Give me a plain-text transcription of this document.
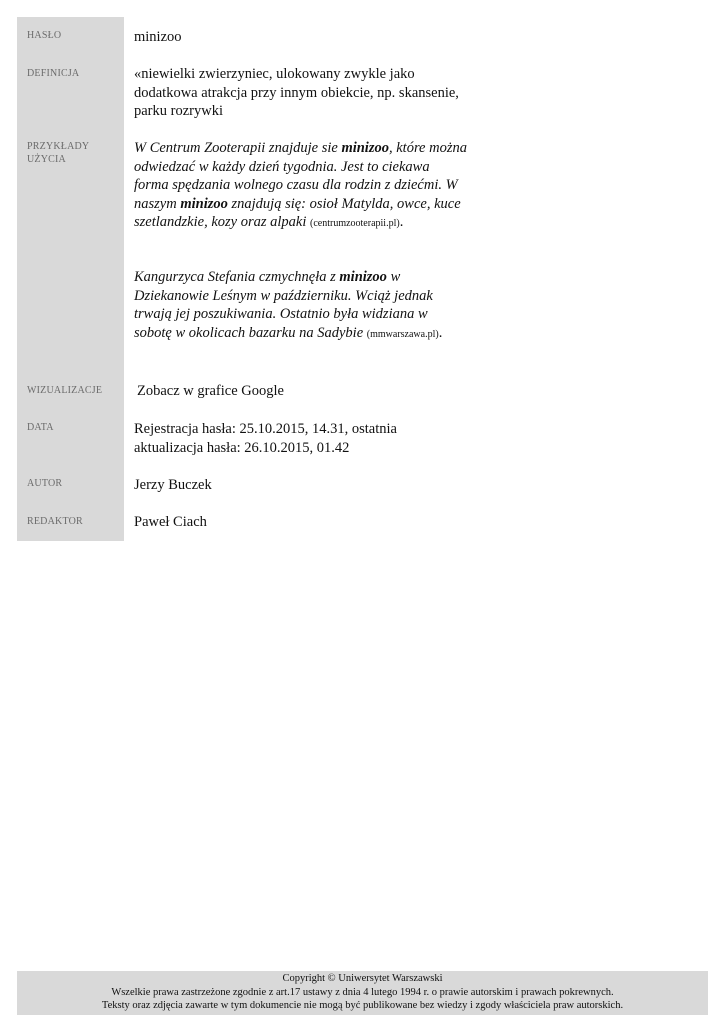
HASŁO	minizoo
DEFINICJA	«niewielki zwierzyniec, ulokowany zwykle jako
dodatkowa atrakcja przy innym obiekcie, np. skansenie,
parku rozrywki
PRZYKŁADY
UŻYCIA
W Centrum Zooterapii znajduje sie minizoo, które można
odwiedzać w każdy dzień tygodnia. Jest to ciekawa
forma spędzania wolnego czasu dla rodzin z dziećmi. W
naszym minizoo znajdują się: osioł Matylda, owce, kuce
szetlandzkie, kozy oraz alpaki (centrumzooterapii.pl).
Kangurzyca Stefania czmychnęła z minizoo w
Dziekanowie Leśnym w październiku. Wciąż jednak
trwają jej poszukiwania. Ostatnio była widziana w
sobotę w okolicach bazarku na Sadybie (mmwarszawa.pl).
WIZUALIZACJE Zobacz w grafice Google
DATA	Rejestracja hasła: 25.10.2015, 14.31, ostatnia
aktualizacja hasła: 26.10.2015, 01.42
AUTOR	Jerzy Buczek
REDAKTOR	Paweł Ciach
Copyright © Uniwersytet Warszawski
Wszelkie prawa zastrzeżone zgodnie z art.17 ustawy z dnia 4 lutego 1994 r. o prawie autorskim i prawach pokrewnych.
Teksty oraz zdjęcia zawarte w tym dokumencie nie mogą być publikowane bez wiedzy i zgody właściciela praw autorskich.
